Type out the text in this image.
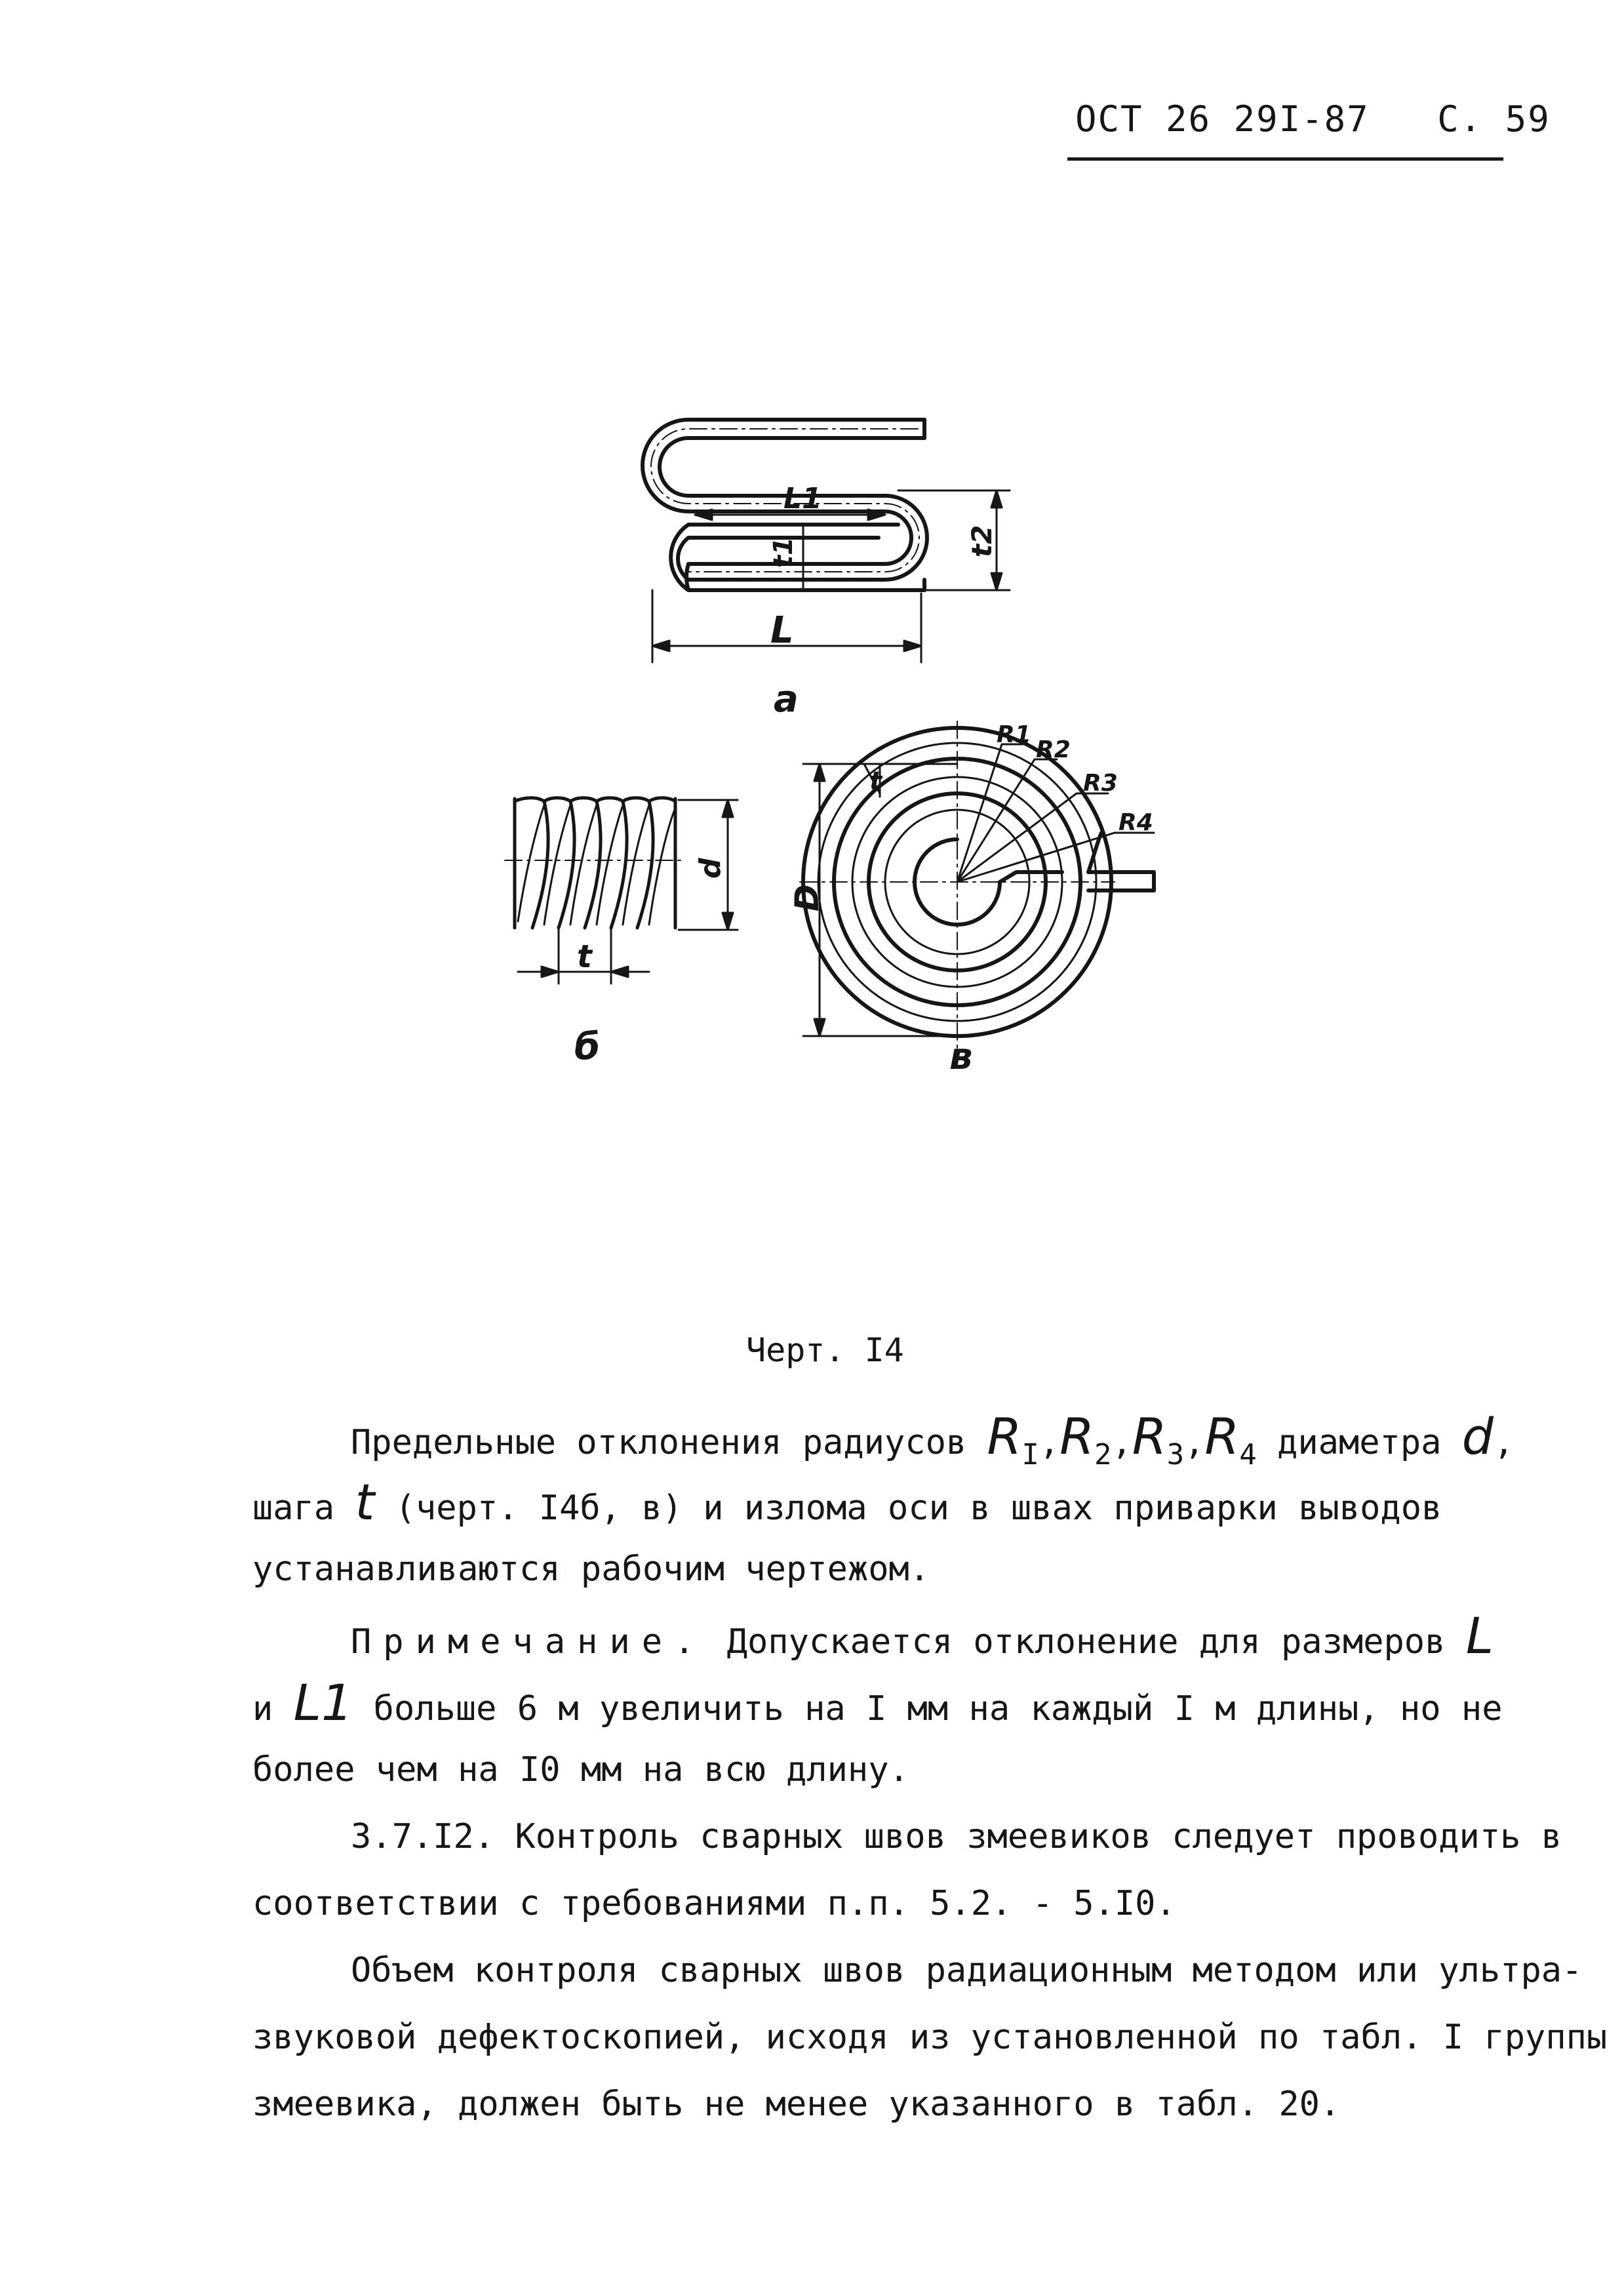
ОСТ 26 29I-87 С. 59
L
L1
t1	t2
а
d
t
б
D
t
R1
R2
R3
R4
в
Черт. I4
Предельные отклонения радиусов $R_I,R_2,R_3,R_4$ диаметра d,
шага t (черт. I4б, в) и излома оси в швах приварки выводов
устанавливаются рабочим чертежом.
Примечание. Допускается отклонение для размеров L
и L1 больше 6 м увеличить на I мм на каждый I м длины, но не
более чем на I0 мм на всю длину.
3.7.I2. Контроль сварных швов змеевиков следует проводить в
соответствии с требованиями п.п. 5.2. - 5.I0.
Объем контроля сварных швов радиационным методом или ультра-
звуковой дефектоскопией, исходя из установленной по табл. I группы
змеевика, должен быть не менее указанного в табл. 20.
